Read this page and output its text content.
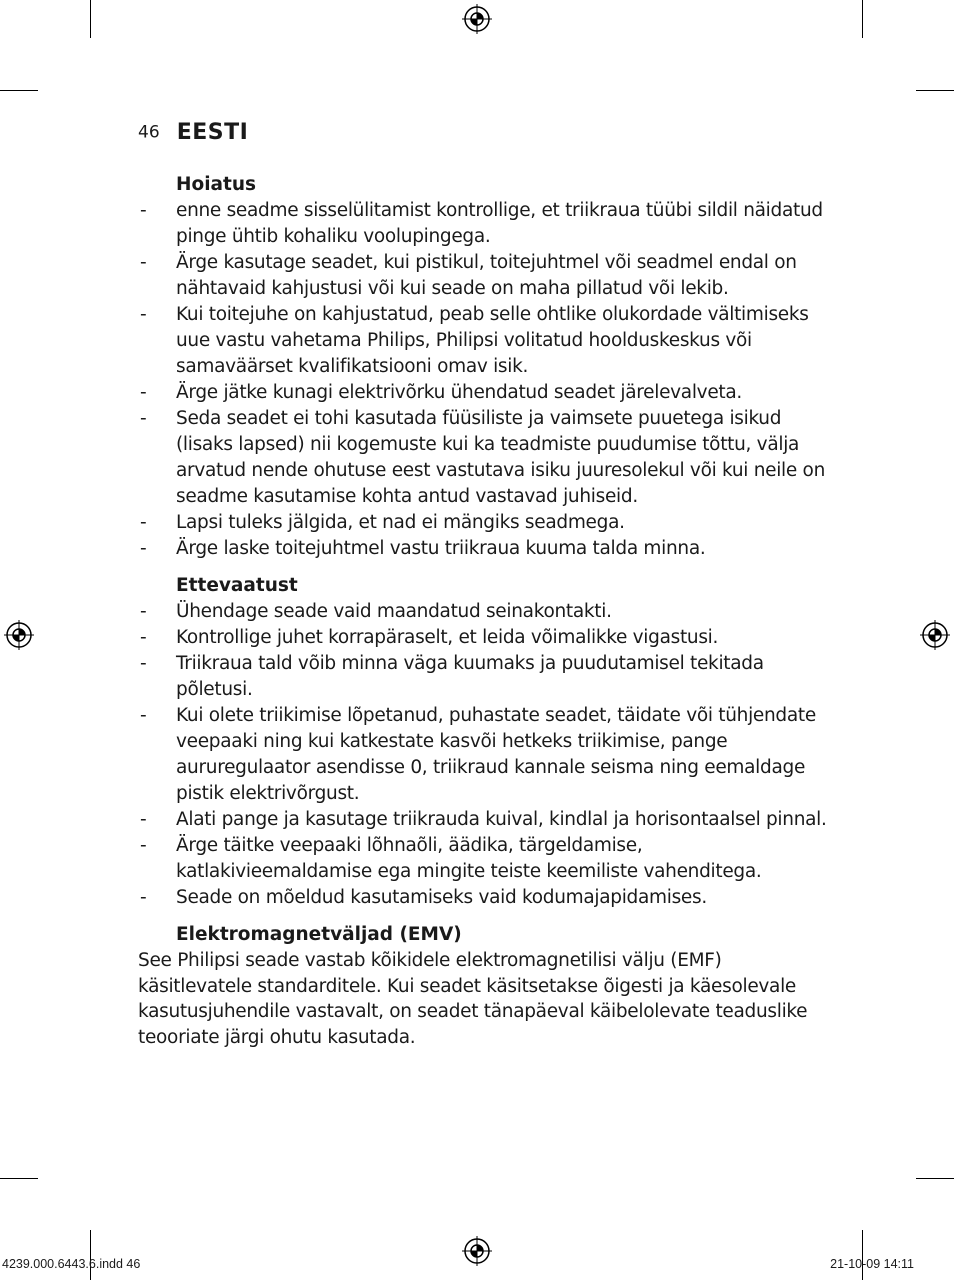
46 EESTI
Hoiatus
- enne seadme sisselülitamist kontrollige, et triikraua tüübi sildil näidatud pinge ühtib kohaliku voolupingega.
- Ärge kasutage seadet, kui pistikul, toitejuhtmel või seadmel endal on nähtavaid kahjustusi või kui seade on maha pillatud või lekib.
- Kui toitejuhe on kahjustatud, peab selle ohtlike olukordade vältimiseks uue vastu vahetama Philips, Philipsi volitatud hoolduskeskus või samaväärset kvalifikatsiooni omav isik.
- Ärge jätke kunagi elektrivõrku ühendatud seadet järelevalveta.
- Seda seadet ei tohi kasutada füüsiliste ja vaimsete puuetega isikud (lisaks lapsed) nii kogemuste kui ka teadmiste puudumise tõttu, välja arvatud nende ohutuse eest vastutava isiku juuresolekul või kui neile on seadme kasutamise kohta antud vastavad juhiseid.
- Lapsi tuleks jälgida, et nad ei mängiks seadmega.
- Ärge laske toitejuhtmel vastu triikraua kuuma talda minna.
Ettevaatust
- Ühendage seade vaid maandatud seinakontakti.
- Kontrollige juhet korrapäraselt, et leida võimalikke vigastusi.
- Triikraua tald võib minna väga kuumaks ja puudutamisel tekitada põletusi.
- Kui olete triikimise lõpetanud, puhastate seadet, täidate või tühjendate veepaaki ning kui katkestate kasvõi hetkeks triikimise, pange aururegulaator asendisse 0, triikraud kannale seisma ning eemaldage pistik elektrivõrgust.
- Alati pange ja kasutage triikrauda kuival, kindlal ja horisontaalsel pinnal.
- Ärge täitke veepaaki lõhnaõli, äädika, tärgeldamise, katlakivieemaldamise ega mingite teiste keemiliste vahenditega.
- Seade on mõeldud kasutamiseks vaid kodumajapidamises.
Elektromagnetväljad (EMV)
See Philipsi seade vastab kõikidele elektromagnetilisi välju (EMF) käsitlevatele standarditele. Kui seadet käsitsetakse õigesti ja käesolevale kasutusjuhendile vastavalt, on seadet tänapäeval käibelolevate teaduslike teooriate järgi ohutu kasutada.
4239.000.6443.6.indd 46	21-10-09 14:11
